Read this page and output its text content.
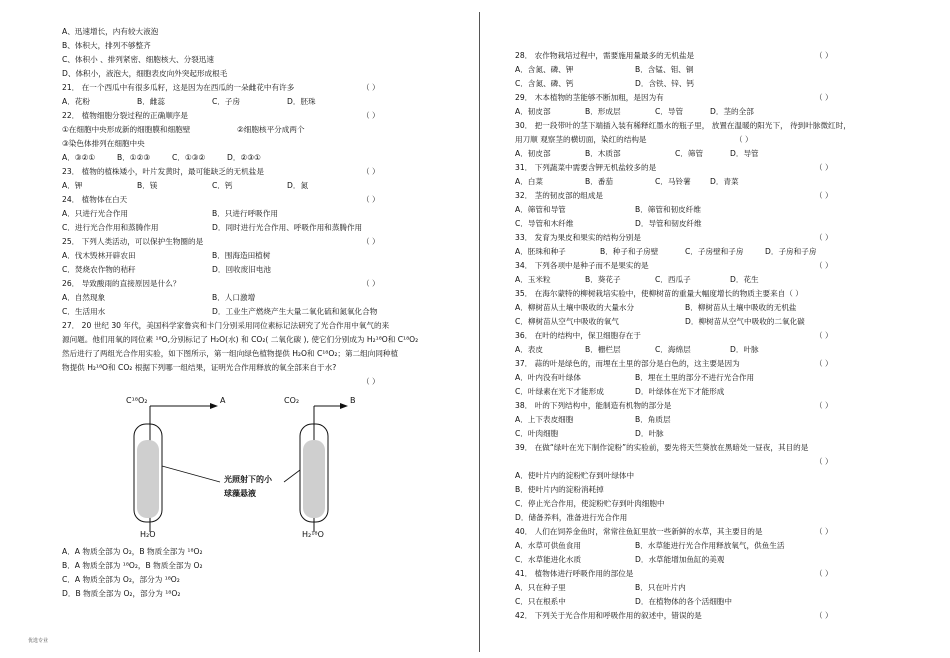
A、迅速增长，内有较大液泡
B、体积大，排列不够整齐
C、体积小 、排列紧密、细胞核大、分裂迅速
D、体积小，液泡大，细胞表皮向外突起形成根毛
21． 在一个西瓜中有很多瓜籽，这是因为在西瓜的一朵雌花中有许多	（ ）
A．花粉	B．雌蕊	C．子房	D．胚珠
22． 植物细胞分裂过程的正确顺序是	（ ）
①在细胞中央形成新的细胞膜和细胞壁	②细胞核平分成两个
③染色体排列在细胞中央
A．③②①	B．①②③	C．①③②	D．②③①
23． 植物的植株矮小，叶片发黄时，最可能缺乏的无机盐是	（ ）
A．钾	B．镁	C．钙	D．氮
24． 植物体在白天	（ ）
A．只进行光合作用	B．只进行呼吸作用
C．进行光合作用和蒸腾作用	D．同时进行光合作用、呼吸作用和蒸腾作用
25． 下列人类活动，可以保护生物圈的是	（ ）
A．伐木毁林开辟农田	B．围海造田植树
C．焚烧农作物的秸秆	D．回收废旧电池
26． 导致酸雨的直接原因是什么？	（ ）
A．自然现象	B．人口激增
C．生活用水	D．工业生产燃烧产生大量二氧化硫和氮氧化合物
27． 20 世纪 30 年代，美国科学家鲁宾和卡门分别采用同位素标记法研究了光合作用中氧气的来
源问题。他们用氧的同位素 ¹⁸O,分别标记了 H₂O(水) 和 CO₂( 二氧化碳 ), 使它们分别成为 H₂¹⁸O和 C¹⁸O₂
然后进行了两组光合作用实验，如下图所示，第一组向绿色植物提供 H₂O和 C¹⁸O₂；第二组向同种植
物提供 H₂¹⁸O和 CO₂ 根据下列哪一组结果，证明光合作用释放的氧全部来自于水?
（ ）
A．A 物质全部为 O₂，B 物质全部为 ¹⁸O₂
B．A 物质全部为 ¹⁸O₂，B 物质全部为 O₂
C．A 物质全部为 O₂，部分为 ¹⁸O₂
D．B 物质全部为 O₂，部分为 ¹⁸O₂
28． 农作物栽培过程中，需要施用量最多的无机盐是	（ ）
A．含氮、磷、钾	B．含锰、钼、铜
C．含氮、磷、钙	D．含铁、锌、钙
29． 木本植物的茎能够不断加粗，是因为有	（ ）
A．韧皮部	B．形成层	C．导管	D．茎的全部
30． 把一段带叶的茎下端插入装有稀释红墨水的瓶子里， 放置在温暖的阳光下， 待到叶脉微红时，
用刀顺 观察茎的横切面，染红的结构是	（ ）
A．韧皮部	B．木质部	C．筛管	D．导管
31． 下列蔬菜中需要含钾无机盐较多的是	（ ）
A．白菜	B．番茄	C．马铃薯	D．青菜
32． 茎的韧皮部的组成是	（ ）
A．筛管和导管	B．筛管和韧皮纤维
C．导管和木纤维	D．导管和韧皮纤维
33． 发育为果皮和果实的结构分别是	（ ）
A．胚珠和种子	B．种子和子房壁	C．子房壁和子房	D．子房和子房
34． 下列各项中是种子而不是果实的是	（ ）
A．玉米粒	B．葵花子	C．西瓜子	D．花生
35． 在海尔蒙特的柳树栽培实验中，使柳树苗的重量大幅度增长的物质主要来自（ ）
A．柳树苗从土壤中吸收的大量水分	B．柳树苗从土壤中吸收的无机盐
C．柳树苗从空气中吸收的氧气	D．柳树苗从空气中吸收的二氧化碳
36． 在叶的结构中，保卫细胞存在于	（ ）
A．表皮	B．栅栏层	C．海绵层	D．叶脉
37． 蒜的叶是绿色的，而埋在土里的部分是白色的，这主要是因为	（ ）
A．叶内没有叶绿体	B．埋在土里的部分不进行光合作用
C．叶绿素在光下才能形成	D．叶绿体在光下才能形成
38． 叶的下列结构中，能制造有机物的部分是	（ ）
A．上下表皮细胞	B．角质层
C．叶肉细胞	D．叶脉
39． 在做“绿叶在光下制作淀粉”的实验前，要先将天竺葵放在黑暗处一昼夜，其目的是
（ ）
A．使叶片内的淀粉贮存到叶绿体中
B．使叶片内的淀粉消耗掉
C．停止光合作用，使淀粉贮存到叶肉细胞中
D．储备养料，准备进行光合作用
40． 人们在饲养金鱼时，常常往鱼缸里放一些新鲜的水草，其主要目的是	（ ）
A．水草可供鱼食用	B．水草能进行光合作用释放氧气，供鱼生活
C．水草能进化水质	D．水草能增加鱼缸的美观
41． 植物体进行呼吸作用的部位是	（ ）
A．只在种子里	B．只在叶片内
C．只在根系中	D．在植物体的各个活细胞中
42． 下列关于光合作用和呼吸作用的叙述中，错误的是	（ ）
C¹⁸O₂	A	CO₂	B
光照射下的小
球藻悬液
H₂O	H₂¹⁸O
优选专业
